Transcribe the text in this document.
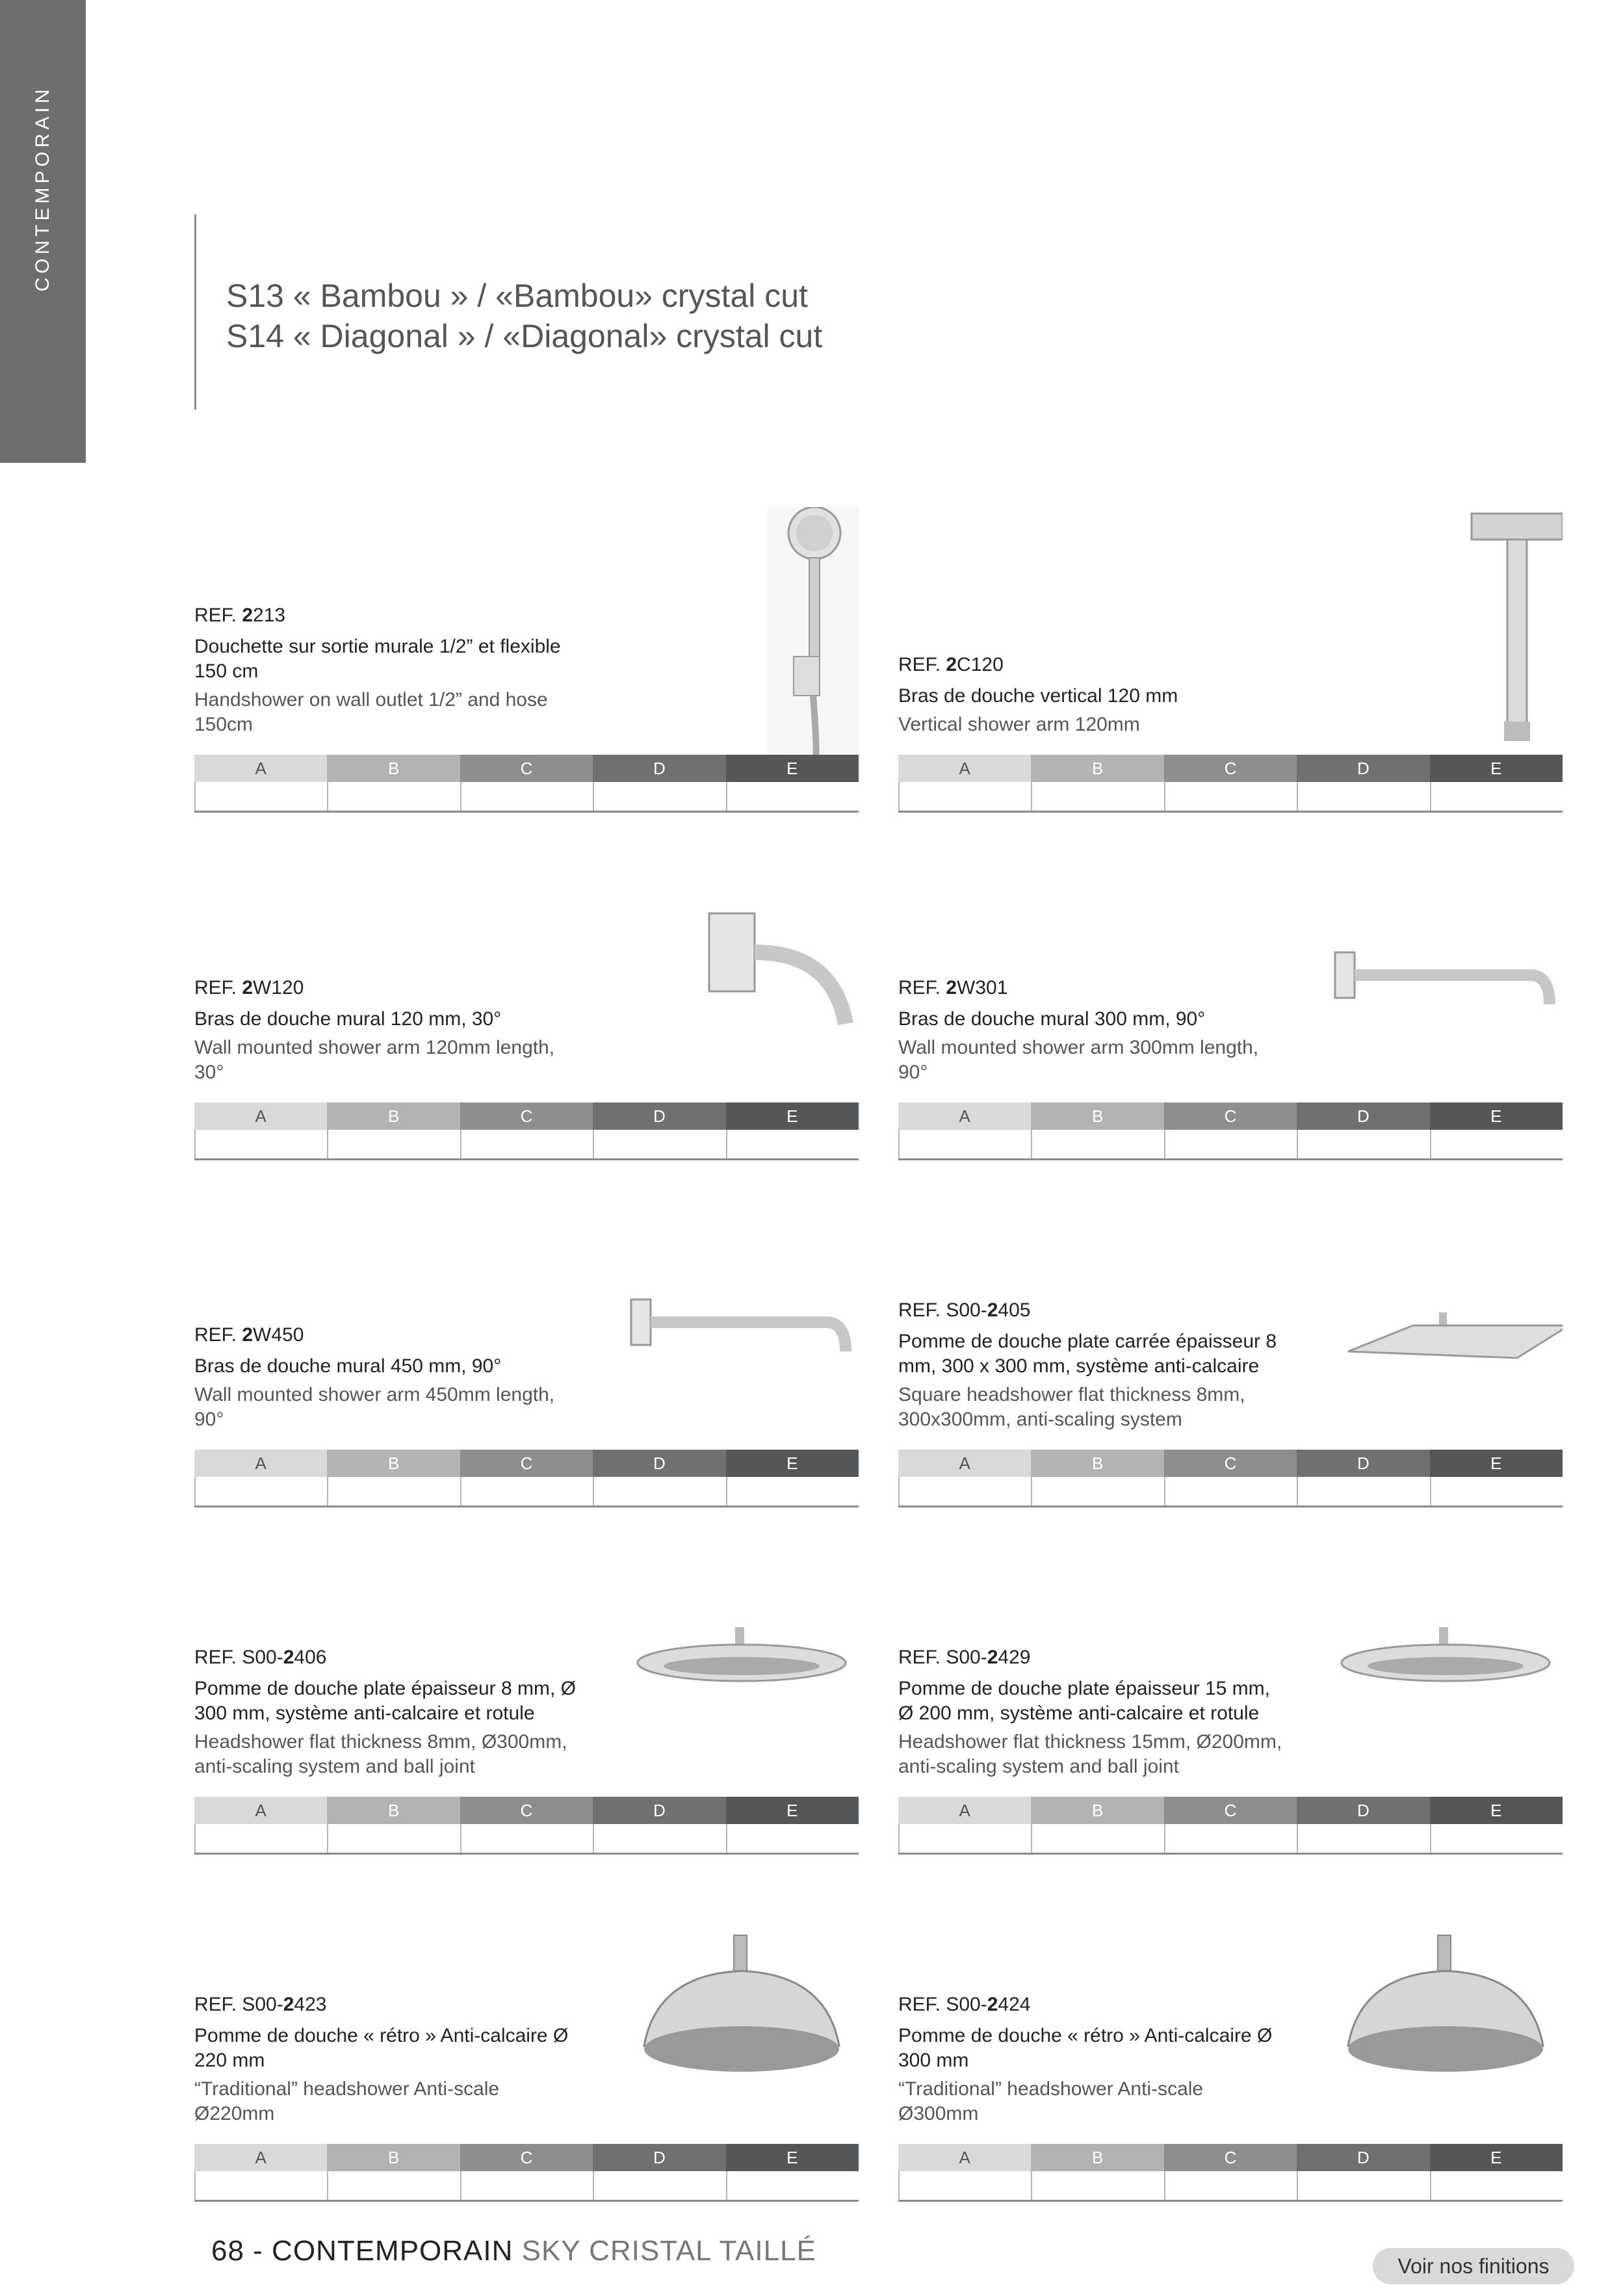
CONTEMPORAIN
S13 « Bambou » / «Bambou» crystal cut
S14 « Diagonal » / «Diagonal» crystal cut
REF. 2213
Douchette sur sortie murale 1/2” et flexible 150 cm
Handshower on wall outlet 1/2” and hose 150cm
A	B	C	D	E
REF. 2C120
Bras de douche vertical 120 mm
Vertical shower arm 120mm
A	B	C	D	E
REF. 2W120
Bras de douche mural 120 mm, 30°
Wall mounted shower arm 120mm length, 30°
A	B	C	D	E
REF. 2W301
Bras de douche mural 300 mm, 90°
Wall mounted shower arm 300mm length, 90°
A	B	C	D	E
REF. 2W450
Bras de douche mural 450 mm, 90°
Wall mounted shower arm 450mm length, 90°
A	B	C	D	E
REF. S00-2405
Pomme de douche plate carrée épaisseur 8 mm, 300 x 300 mm, système anti-calcaire
Square headshower flat thickness 8mm, 300x300mm, anti-scaling system
A	B	C	D	E
REF. S00-2406
Pomme de douche plate épaisseur 8 mm, Ø 300 mm, système anti-calcaire et rotule
Headshower flat thickness 8mm, Ø300mm, anti-scaling system and ball joint
A	B	C	D	E
REF. S00-2429
Pomme de douche plate épaisseur 15 mm, Ø 200 mm, système anti-calcaire et rotule
Headshower flat thickness 15mm, Ø200mm, anti-scaling system and ball joint
A	B	C	D	E
REF. S00-2423
Pomme de douche « rétro » Anti-calcaire Ø 220 mm
“Traditional” headshower Anti-scale Ø220mm
A	B	C	D	E
REF. S00-2424
Pomme de douche « rétro » Anti-calcaire Ø 300 mm
“Traditional” headshower Anti-scale Ø300mm
A	B	C	D	E
68 - CONTEMPORAIN SKY CRISTAL TAILLÉ	Voir nos finitions
